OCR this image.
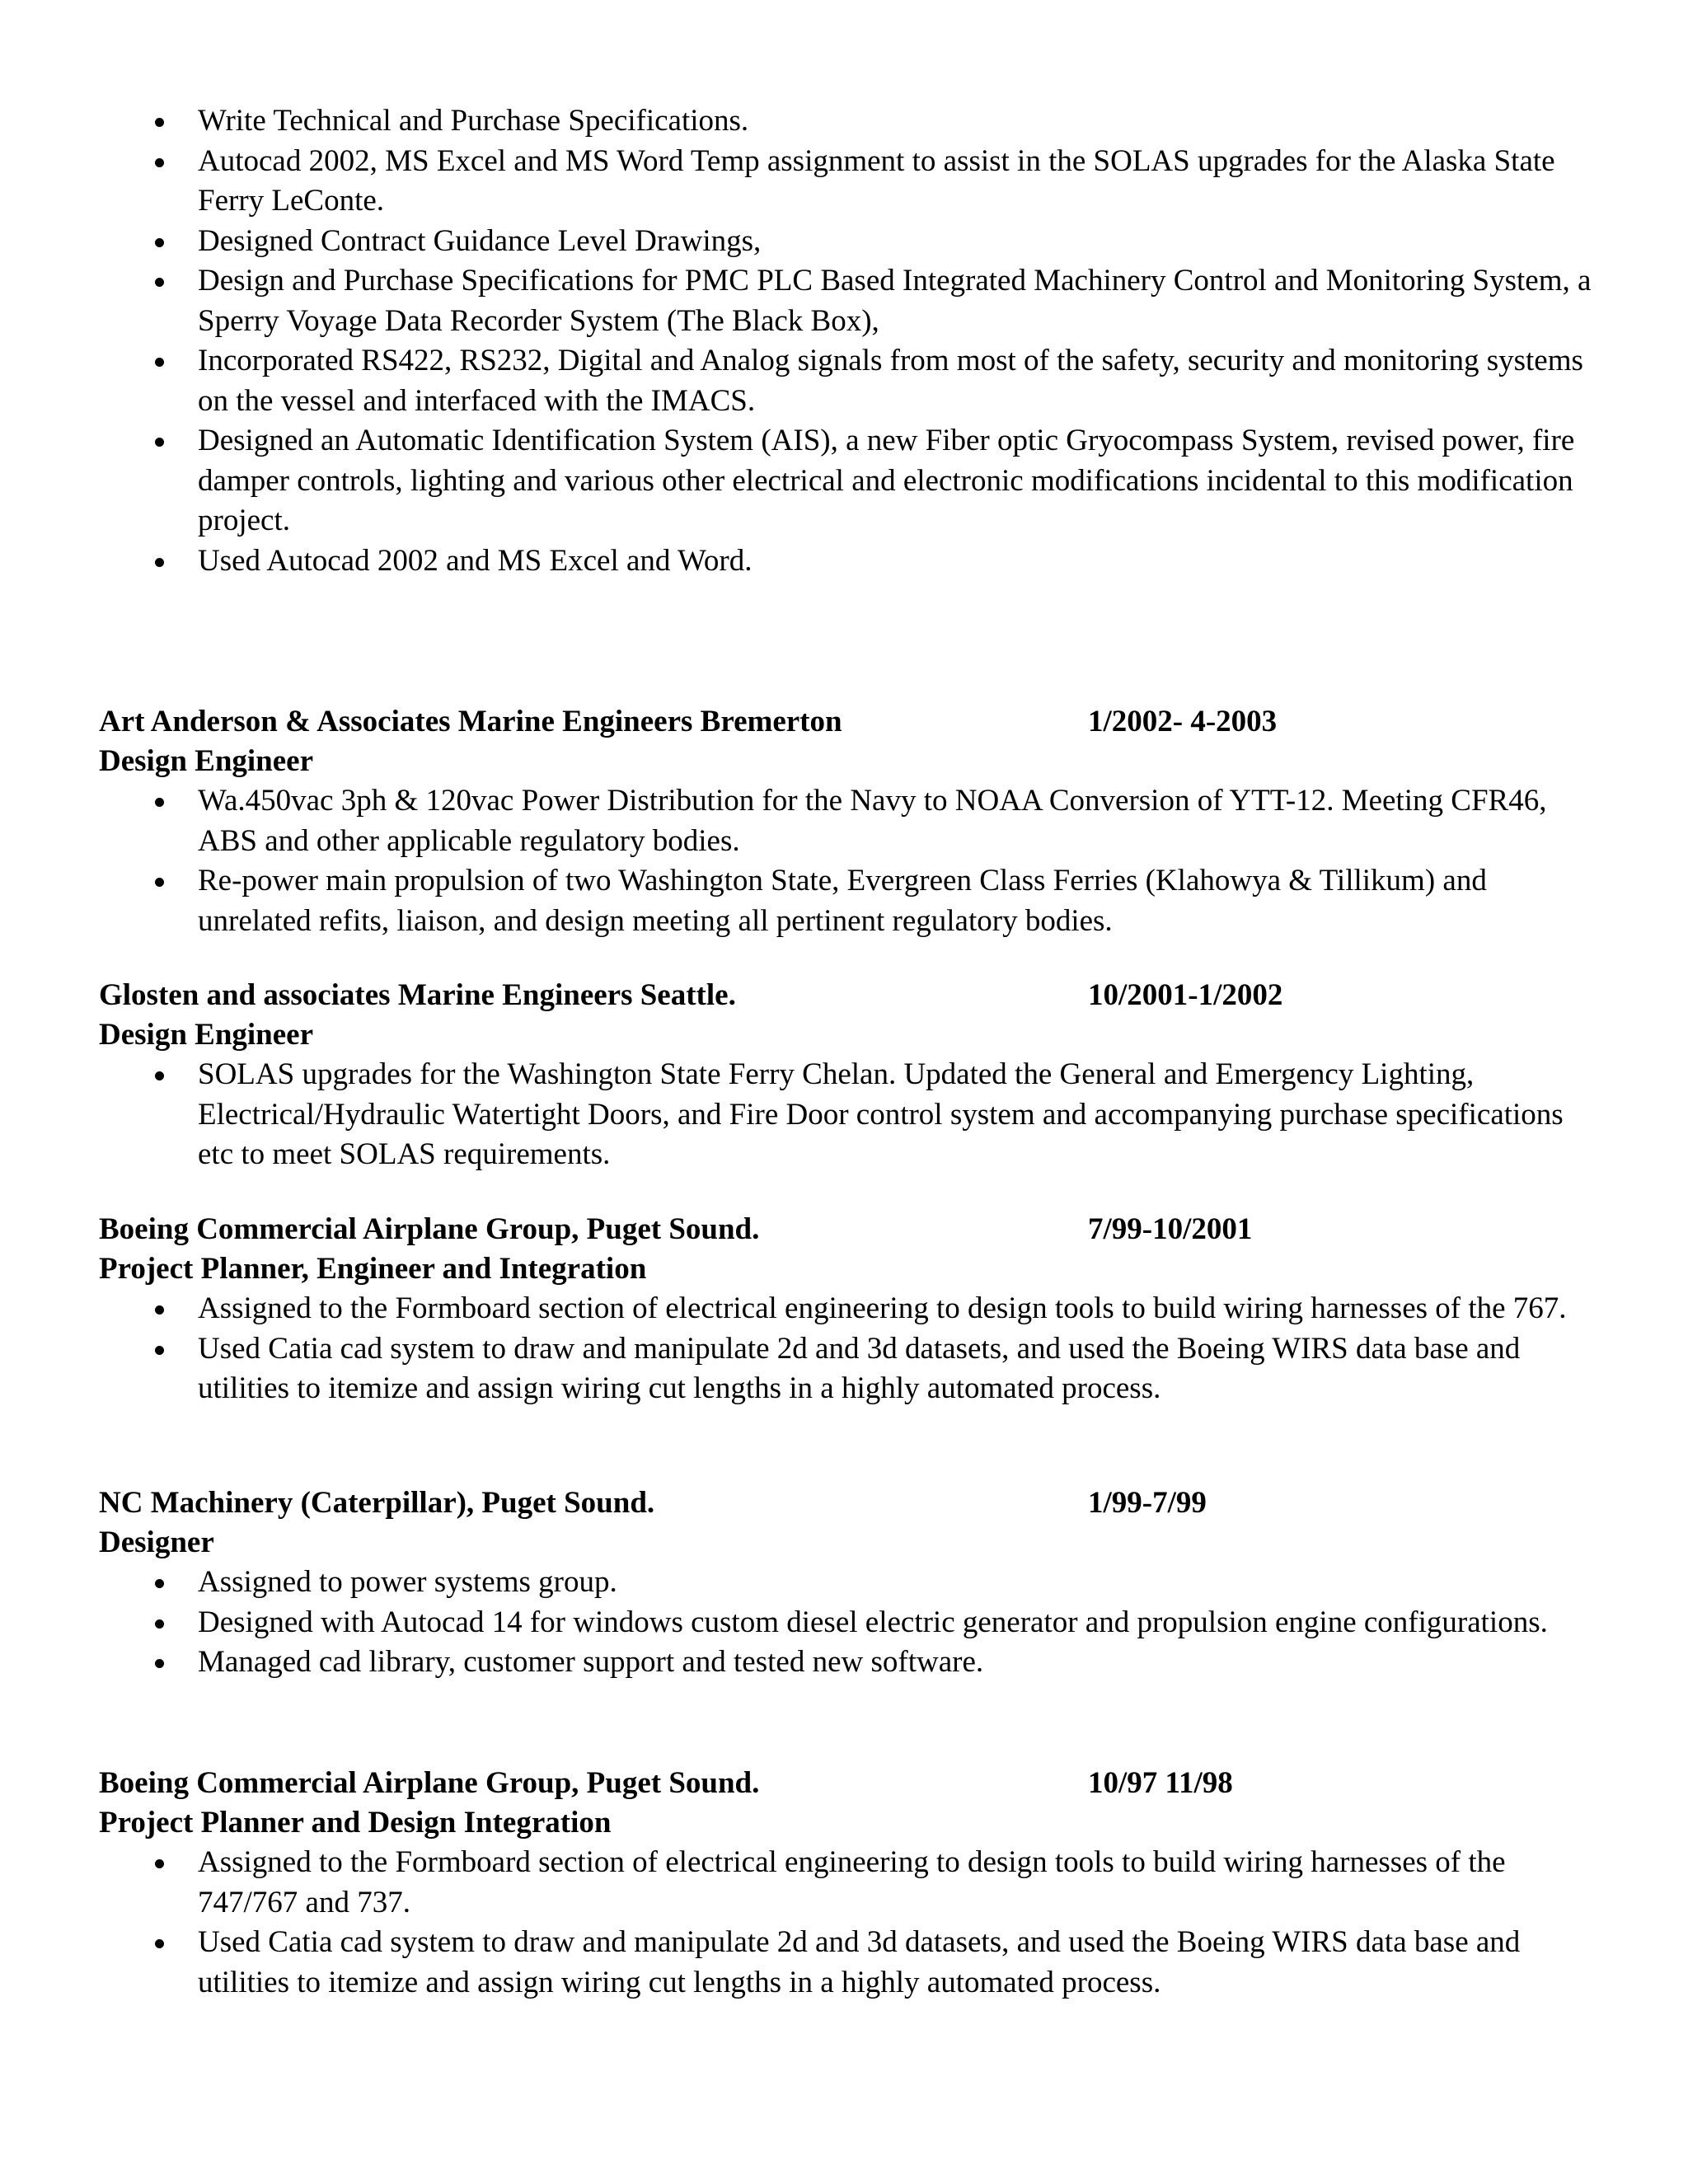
Write Technical and Purchase Specifications.
Autocad 2002, MS Excel and MS Word Temp assignment to assist in the SOLAS upgrades for the Alaska State Ferry LeConte.
Designed Contract Guidance Level Drawings,
Design and Purchase Specifications for PMC PLC Based Integrated Machinery Control and Monitoring System, a Sperry Voyage Data Recorder System (The Black Box),
Incorporated RS422, RS232, Digital and Analog signals from most of the safety, security and monitoring systems on the vessel and interfaced with the IMACS.
Designed an Automatic Identification System (AIS), a new Fiber optic Gryocompass System, revised power, fire damper controls, lighting and various other electrical and electronic modifications incidental to this modification project.
Used Autocad 2002 and MS Excel and Word.
Art Anderson & Associates Marine Engineers Bremerton	1/2002- 4-2003
Design Engineer
Wa.450vac 3ph & 120vac Power Distribution for the Navy to NOAA Conversion of YTT-12. Meeting CFR46, ABS and other applicable regulatory bodies.
Re-power main propulsion of two Washington State, Evergreen Class Ferries (Klahowya & Tillikum) and unrelated refits, liaison, and design meeting all pertinent regulatory bodies.
Glosten and associates Marine Engineers Seattle.	10/2001-1/2002
Design Engineer
SOLAS upgrades for the Washington State Ferry Chelan. Updated the General and Emergency Lighting, Electrical/Hydraulic Watertight Doors, and Fire Door control system and accompanying purchase specifications etc to meet SOLAS requirements.
Boeing Commercial Airplane Group, Puget Sound.	7/99-10/2001
Project Planner, Engineer and Integration
Assigned to the Formboard section of electrical engineering to design tools to build wiring harnesses of the 767.
Used Catia cad system to draw and manipulate 2d and 3d datasets, and used the Boeing WIRS data base and utilities to itemize and assign wiring cut lengths in a highly automated process.
NC Machinery (Caterpillar), Puget Sound.	1/99-7/99
Designer
Assigned to power systems group.
Designed with Autocad 14 for windows custom diesel electric generator and propulsion engine configurations.
Managed cad library, customer support and tested new software.
Boeing Commercial Airplane Group, Puget Sound.	10/97 11/98
Project Planner and Design Integration
Assigned to the Formboard section of electrical engineering to design tools to build wiring harnesses of the 747/767 and 737.
Used Catia cad system to draw and manipulate 2d and 3d datasets, and used the Boeing WIRS data base and utilities to itemize and assign wiring cut lengths in a highly automated process.
